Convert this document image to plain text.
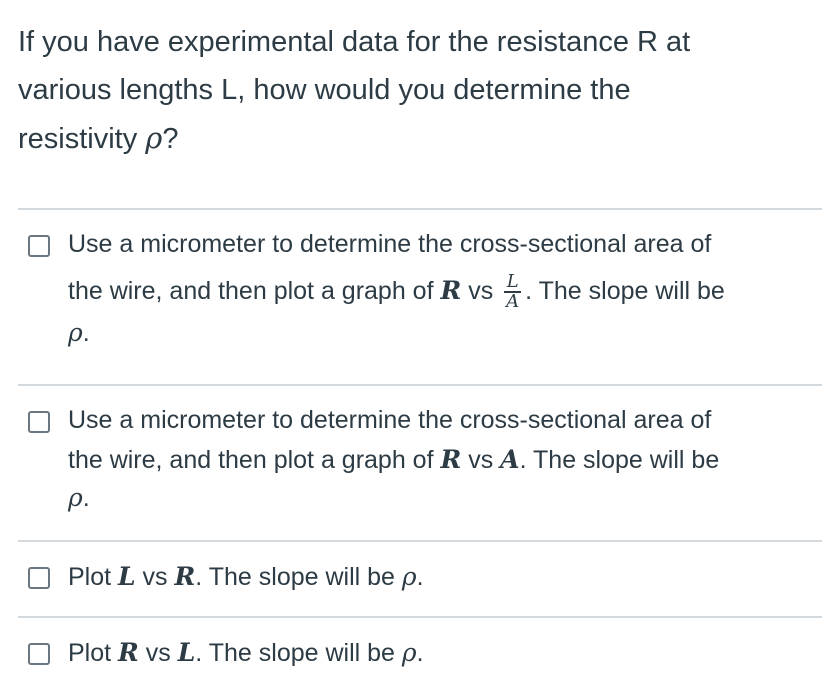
If you have experimental data for the resistance R at
various lengths L, how would you determine the
resistivity ρ?
Use a micrometer to determine the cross-sectional area of
the wire, and then plot a graph of R vs $\frac{L}{A}$ . The slope will be
ρ.
Use a micrometer to determine the cross-sectional area of
the wire, and then plot a graph of R vs A. The slope will be
ρ.
Plot L vs R. The slope will be ρ.
Plot R vs L. The slope will be ρ.
